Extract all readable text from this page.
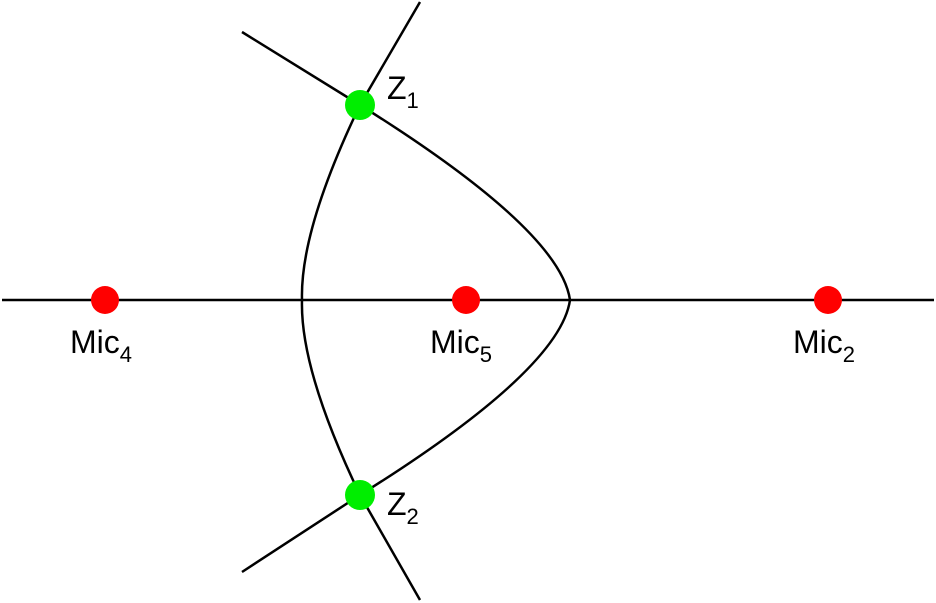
Mic$_4$	Mic$_5$	Mic$_2$
$Z_1$
$Z_2$
